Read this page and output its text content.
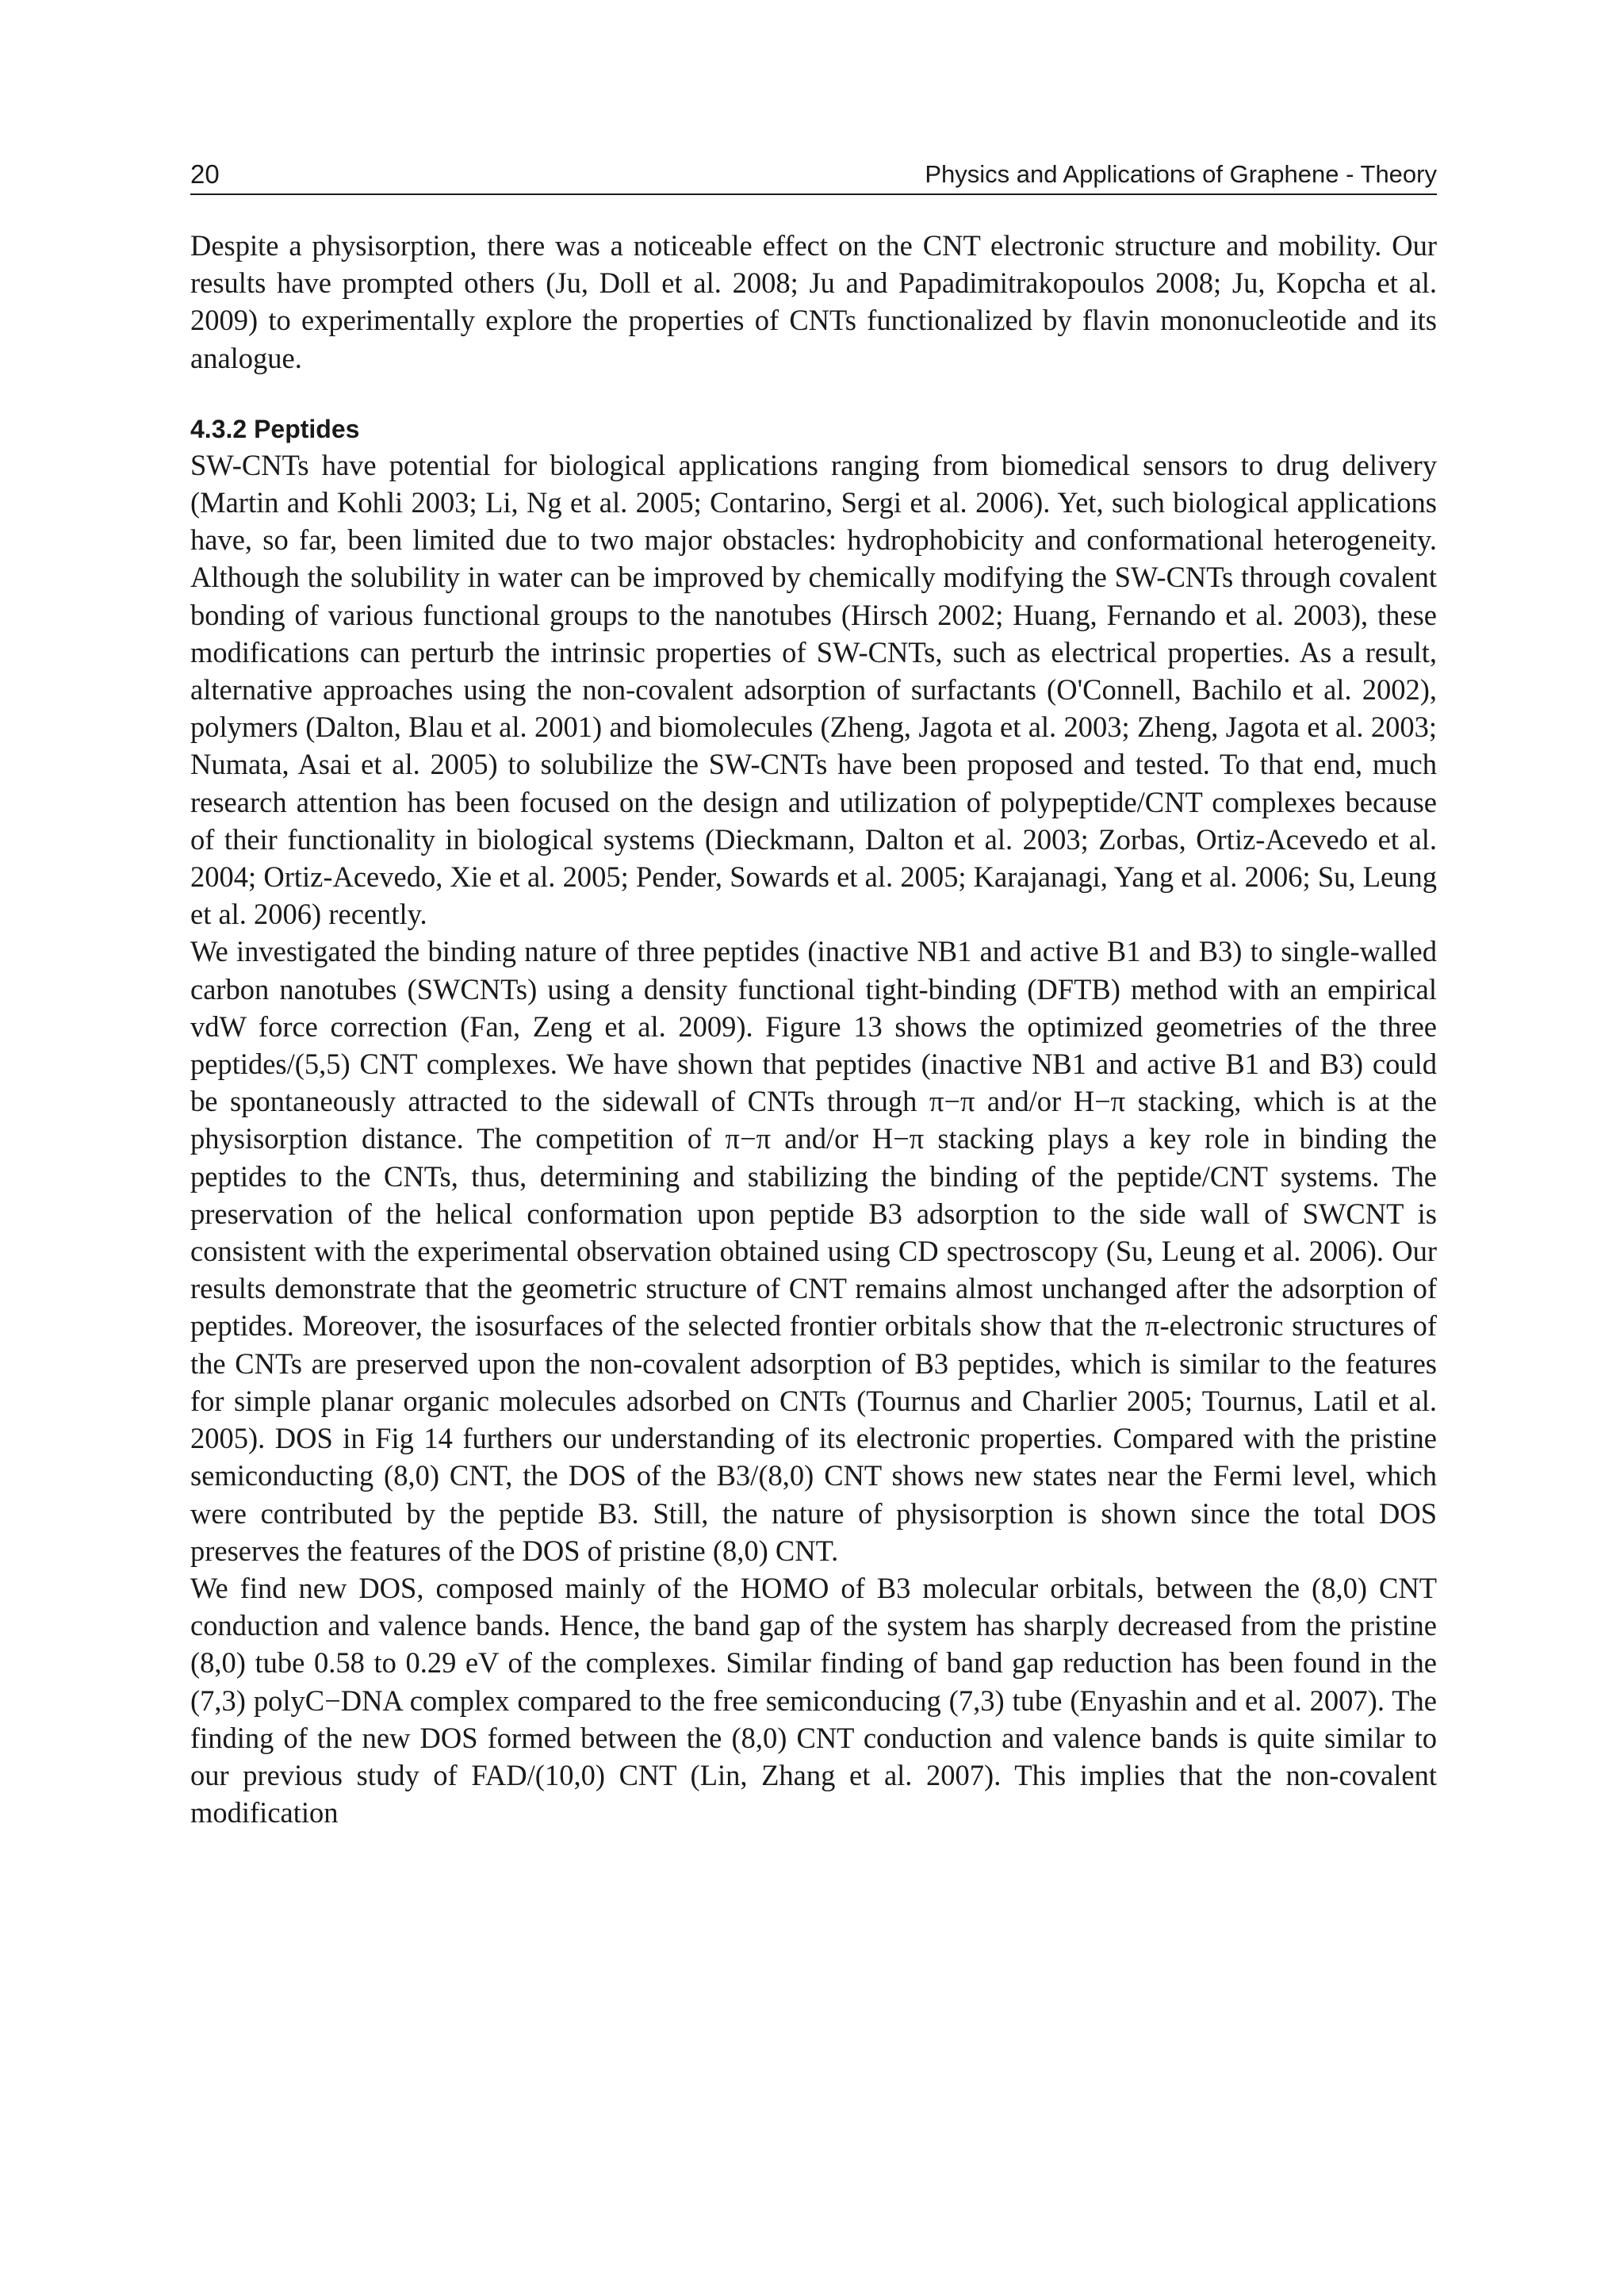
20	Physics and Applications of Graphene - Theory

Despite a physisorption, there was a noticeable effect on the CNT electronic structure and mobility. Our results have prompted others (Ju, Doll et al. 2008; Ju and Papadimitrakopoulos 2008; Ju, Kopcha et al. 2009) to experimentally explore the properties of CNTs functionalized by flavin mononucleotide and its analogue.

4.3.2 Peptides

SW-CNTs have potential for biological applications ranging from biomedical sensors to drug delivery (Martin and Kohli 2003; Li, Ng et al. 2005; Contarino, Sergi et al. 2006). Yet, such biological applications have, so far, been limited due to two major obstacles: hydrophobicity and conformational heterogeneity. Although the solubility in water can be improved by chemically modifying the SW-CNTs through covalent bonding of various functional groups to the nanotubes (Hirsch 2002; Huang, Fernando et al. 2003), these modifications can perturb the intrinsic properties of SW-CNTs, such as electrical properties. As a result, alternative approaches using the non-covalent adsorption of surfactants (O'Connell, Bachilo et al. 2002), polymers (Dalton, Blau et al. 2001) and biomolecules (Zheng, Jagota et al. 2003; Zheng, Jagota et al. 2003; Numata, Asai et al. 2005) to solubilize the SW-CNTs have been proposed and tested. To that end, much research attention has been focused on the design and utilization of polypeptide/CNT complexes because of their functionality in biological systems (Dieckmann, Dalton et al. 2003; Zorbas, Ortiz-Acevedo et al. 2004; Ortiz-Acevedo, Xie et al. 2005; Pender, Sowards et al. 2005; Karajanagi, Yang et al. 2006; Su, Leung et al. 2006) recently.

We investigated the binding nature of three peptides (inactive NB1 and active B1 and B3) to single-walled carbon nanotubes (SWCNTs) using a density functional tight-binding (DFTB) method with an empirical vdW force correction (Fan, Zeng et al. 2009). Figure 13 shows the optimized geometries of the three peptides/(5,5) CNT complexes. We have shown that peptides (inactive NB1 and active B1 and B3) could be spontaneously attracted to the sidewall of CNTs through π−π and/or H−π stacking, which is at the physisorption distance. The competition of π−π and/or H−π stacking plays a key role in binding the peptides to the CNTs, thus, determining and stabilizing the binding of the peptide/CNT systems. The preservation of the helical conformation upon peptide B3 adsorption to the side wall of SWCNT is consistent with the experimental observation obtained using CD spectroscopy (Su, Leung et al. 2006). Our results demonstrate that the geometric structure of CNT remains almost unchanged after the adsorption of peptides. Moreover, the isosurfaces of the selected frontier orbitals show that the π-electronic structures of the CNTs are preserved upon the non-covalent adsorption of B3 peptides, which is similar to the features for simple planar organic molecules adsorbed on CNTs (Tournus and Charlier 2005; Tournus, Latil et al. 2005). DOS in Fig 14 furthers our understanding of its electronic properties. Compared with the pristine semiconducting (8,0) CNT, the DOS of the B3/(8,0) CNT shows new states near the Fermi level, which were contributed by the peptide B3. Still, the nature of physisorption is shown since the total DOS preserves the features of the DOS of pristine (8,0) CNT.

We find new DOS, composed mainly of the HOMO of B3 molecular orbitals, between the (8,0) CNT conduction and valence bands. Hence, the band gap of the system has sharply decreased from the pristine (8,0) tube 0.58 to 0.29 eV of the complexes. Similar finding of band gap reduction has been found in the (7,3) polyC−DNA complex compared to the free semiconducing (7,3) tube (Enyashin and et al. 2007). The finding of the new DOS formed between the (8,0) CNT conduction and valence bands is quite similar to our previous study of FAD/(10,0) CNT (Lin, Zhang et al. 2007). This implies that the non-covalent modification
